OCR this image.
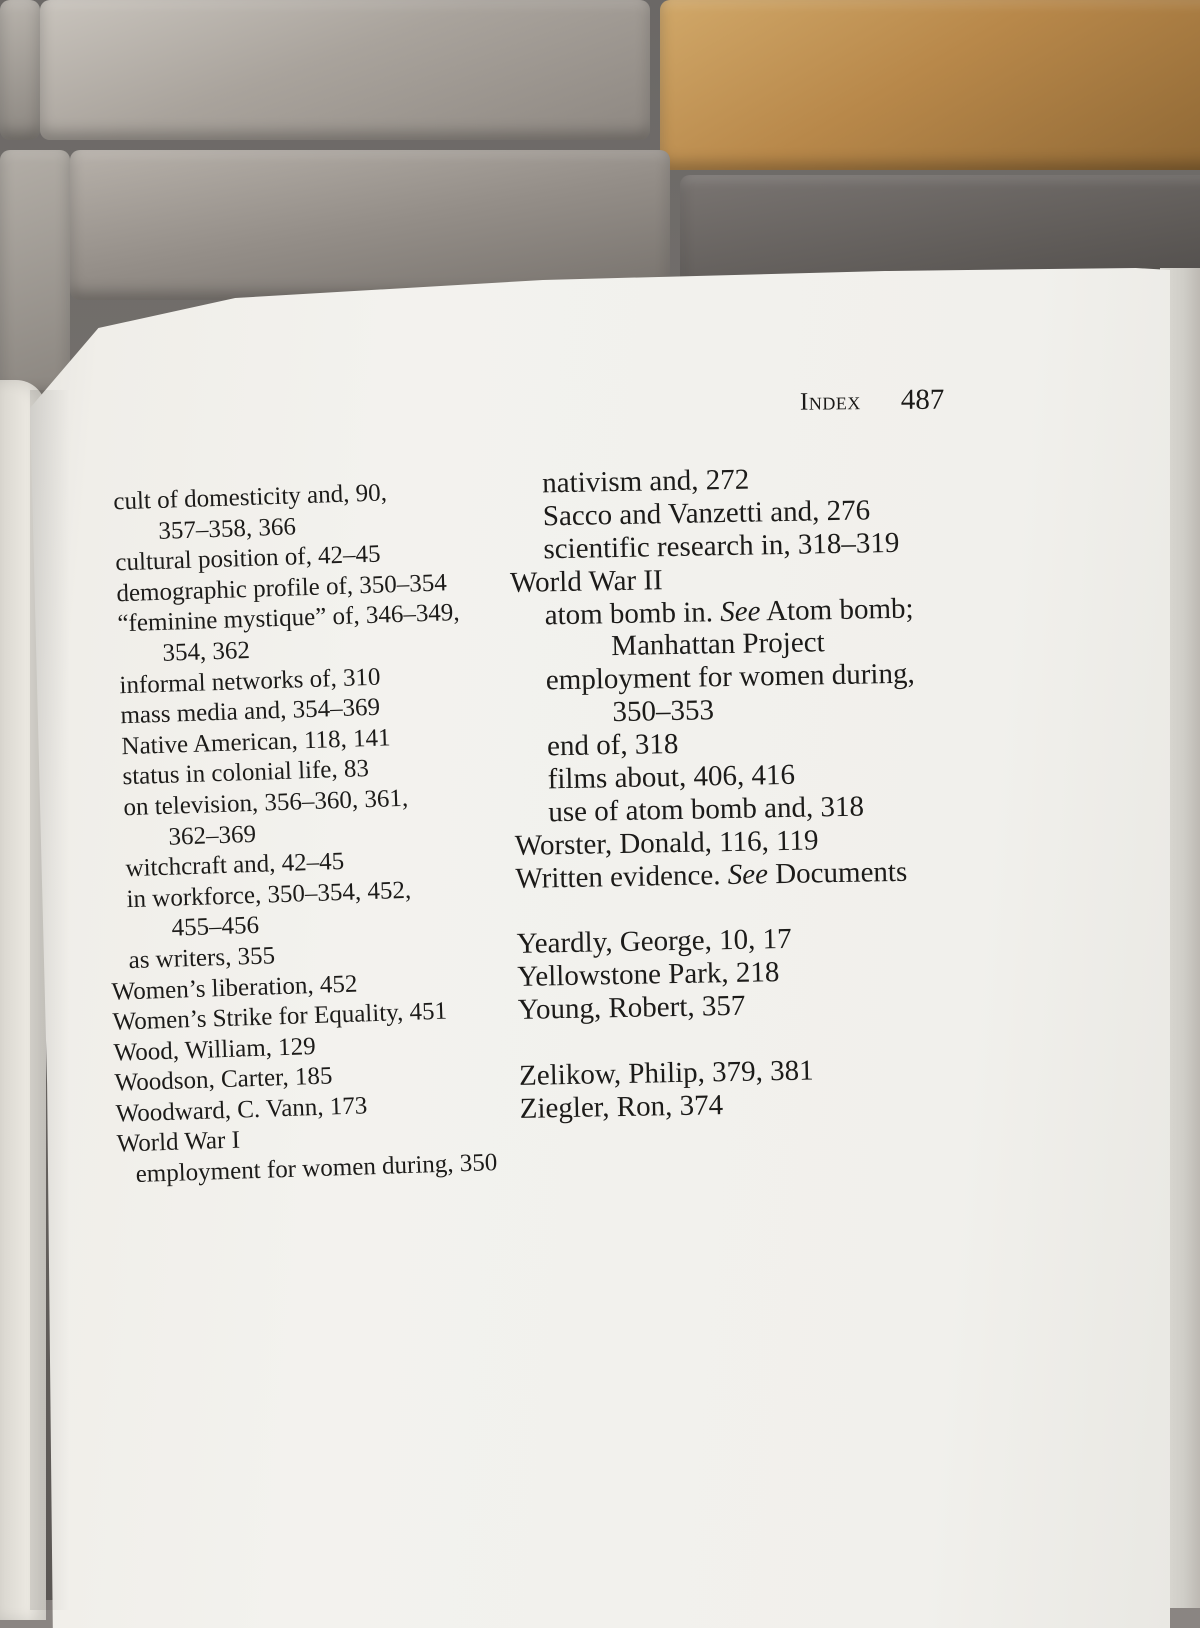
Index 487
cult of domesticity and, 90,
357–358, 366
cultural position of, 42–45
demographic profile of, 350–354
“feminine mystique” of, 346–349,
354, 362
informal networks of, 310
mass media and, 354–369
Native American, 118, 141
status in colonial life, 83
on television, 356–360, 361,
362–369
witchcraft and, 42–45
in workforce, 350–354, 452,
455–456
as writers, 355
Women’s liberation, 452
Women’s Strike for Equality, 451
Wood, William, 129
Woodson, Carter, 185
Woodward, C. Vann, 173
World War I
employment for women during, 350
nativism and, 272
Sacco and Vanzetti and, 276
scientific research in, 318–319
World War II
atom bomb in. See Atom bomb;
Manhattan Project
employment for women during,
350–353
end of, 318
films about, 406, 416
use of atom bomb and, 318
Worster, Donald, 116, 119
Written evidence. See Documents
Yeardly, George, 10, 17
Yellowstone Park, 218
Young, Robert, 357
Zelikow, Philip, 379, 381
Ziegler, Ron, 374
